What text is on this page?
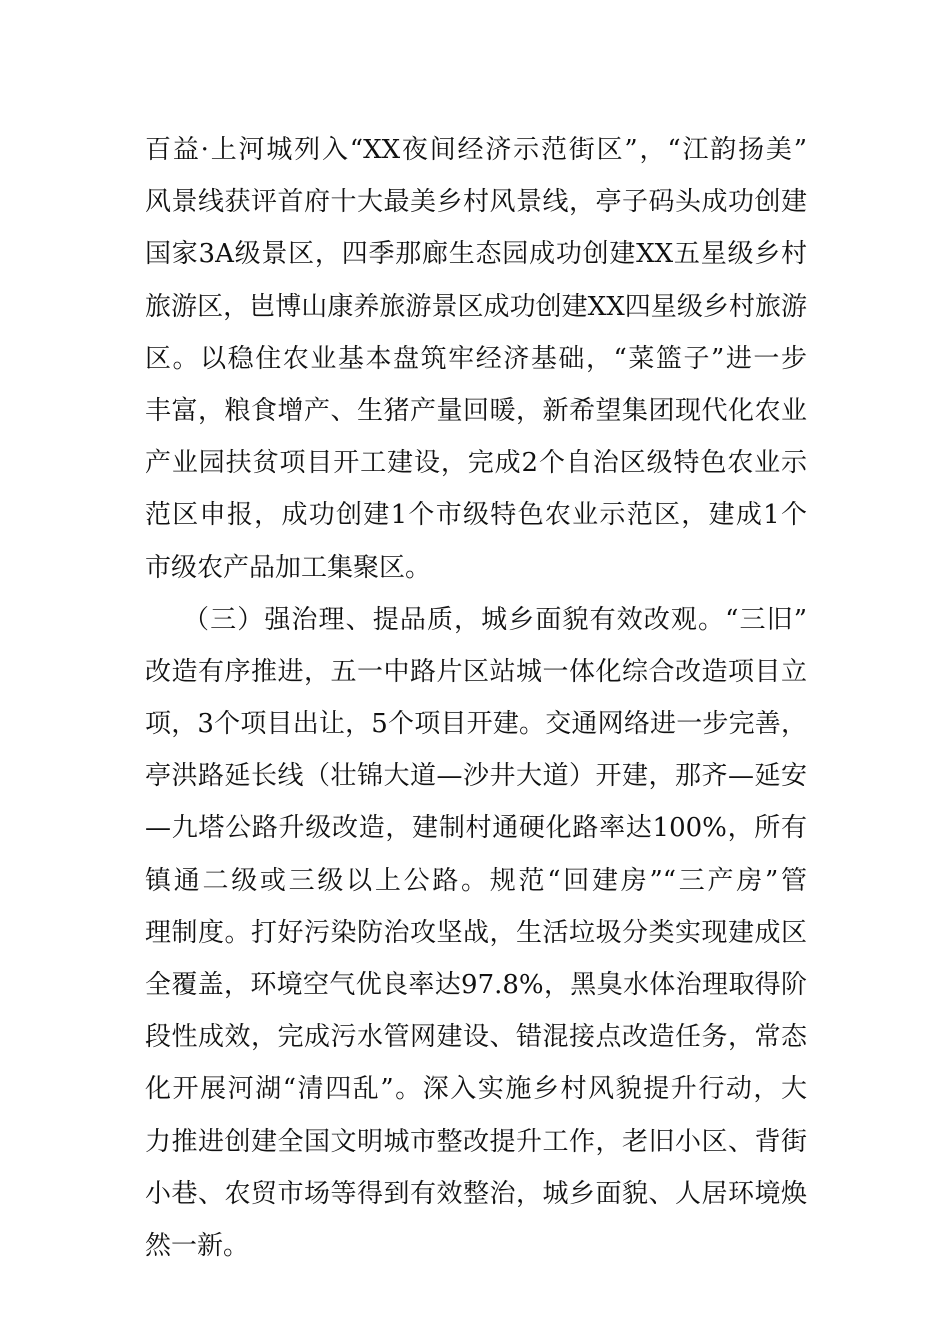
百益·上河城列入“XX夜间经济示范街区”，“江韵扬美”
风景线获评首府十大最美乡村风景线，亭子码头成功创建
国家3A级景区，四季那廊生态园成功创建XX五星级乡村
旅游区，岜博山康养旅游景区成功创建XX四星级乡村旅游
区。以稳住农业基本盘筑牢经济基础，“菜篮子”进一步
丰富，粮食增产、生猪产量回暖，新希望集团现代化农业
产业园扶贫项目开工建设，完成2个自治区级特色农业示
范区申报，成功创建1个市级特色农业示范区，建成1个
市级农产品加工集聚区。
（三）强治理、提品质，城乡面貌有效改观。“三旧”
改造有序推进，五一中路片区站城一体化综合改造项目立
项，3个项目出让，5个项目开建。交通网络进一步完善，
亭洪路延长线（壮锦大道—沙井大道）开建，那齐—延安
—九塔公路升级改造，建制村通硬化路率达100%，所有
镇通二级或三级以上公路。规范“回建房”“三产房”管
理制度。打好污染防治攻坚战，生活垃圾分类实现建成区
全覆盖，环境空气优良率达97.8%，黑臭水体治理取得阶
段性成效，完成污水管网建设、错混接点改造任务，常态
化开展河湖“清四乱”。深入实施乡村风貌提升行动，大
力推进创建全国文明城市整改提升工作，老旧小区、背街
小巷、农贸市场等得到有效整治，城乡面貌、人居环境焕
然一新。
